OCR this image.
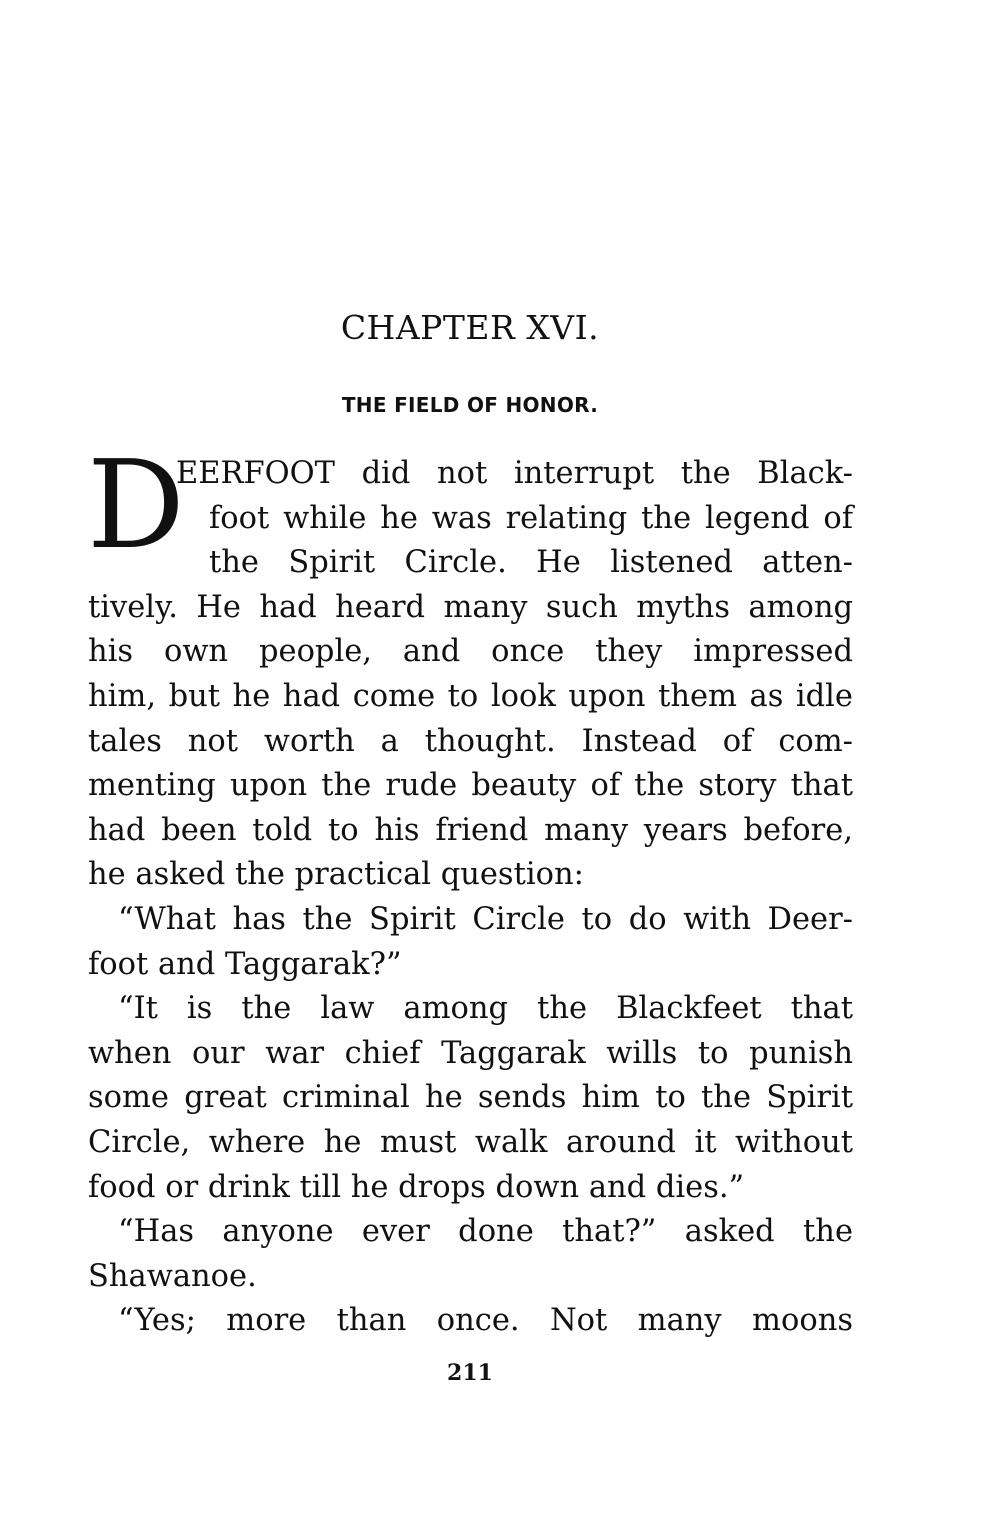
CHAPTER XVI.
THE FIELD OF HONOR.
D
EERFOOT did not interrupt the Black-
foot while he was relating the legend of
the Spirit Circle. He listened atten-
tively. He had heard many such myths among
his own people, and once they impressed
him, but he had come to look upon them as idle
tales not worth a thought. Instead of com-
menting upon the rude beauty of the story that
had been told to his friend many years before,
he asked the practical question:
“What has the Spirit Circle to do with Deer-
foot and Taggarak?”
“It is the law among the Blackfeet that
when our war chief Taggarak wills to punish
some great criminal he sends him to the Spirit
Circle, where he must walk around it without
food or drink till he drops down and dies.”
“Has anyone ever done that?” asked the
Shawanoe.
“Yes; more than once. Not many moons
211
